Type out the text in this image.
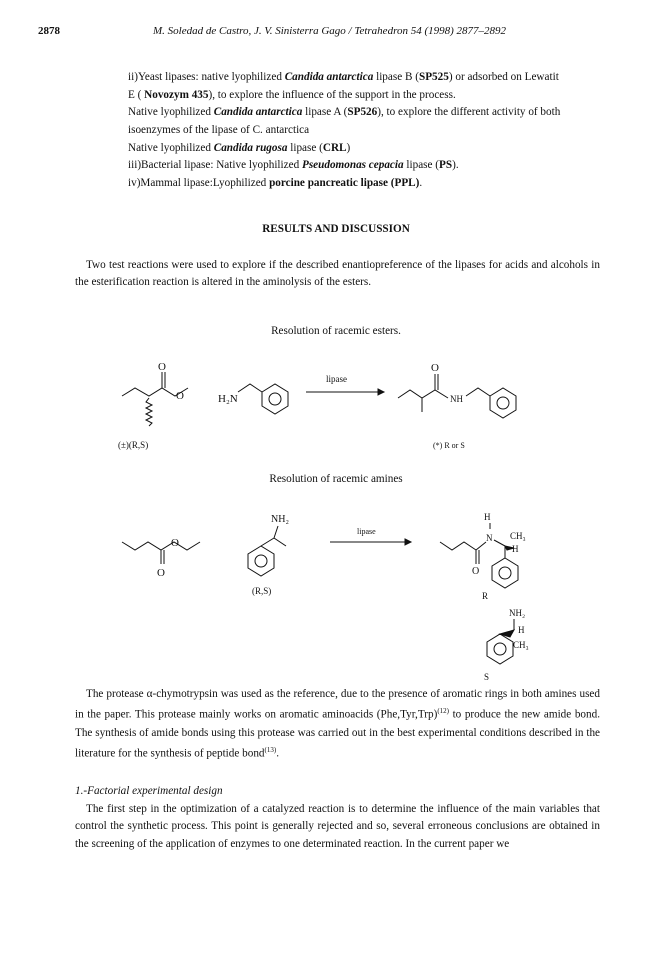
2878	M. Soledad de Castro, J. V. Sinisterra Gago / Tetrahedron 54 (1998) 2877–2892
ii)Yeast lipases: native lyophilized Candida antarctica lipase B (SP525) or adsorbed on Lewatit
E ( Novozym 435), to explore the influence of the support in the process.
Native lyophilized Candida antarctica lipase A (SP526), to explore the different activity of both
isoenzymes of the lipase of C. antarctica
Native lyophilized Candida rugosa lipase (CRL)
iii)Bacterial lipase: Native lyophilized Pseudomonas cepacia lipase (PS).
iv)Mammal lipase:Lyophilized porcine pancreatic lipase (PPL).
RESULTS AND DISCUSSION
Two test reactions were used to explore if the described enantiopreference of the lipases for acids and alcohols in the esterification reaction is altered in the aminolysis of the esters.
Resolution of racemic esters.
O
O
(±)(R,S)
H₂N
lipase
O
NH
(*) R or S
Resolution of racemic amines
O
O
NH₂
(R,S)
lipase
O
H
N CH₃
H
R
NH₂
H
CH₃
S
The protease α-chymotrypsin was used as the reference, due to the presence of aromatic rings in both amines used in the paper. This protease mainly works on aromatic aminoacids $(Phe,Tyr,Trp)^{(12)}$ to produce the new amide bond. The synthesis of amide bonds using this protease was carried out in the best experimental conditions described in the literature for the synthesis of peptide bond$^{(13)}$.
1.-Factorial experimental design
The first step in the optimization of a catalyzed reaction is to determine the influence of the main variables that control the synthetic process. This point is generally rejected and so, several erroneous conclusions are obtained in the screening of the application of enzymes to one determinated reaction. In the current paper we
